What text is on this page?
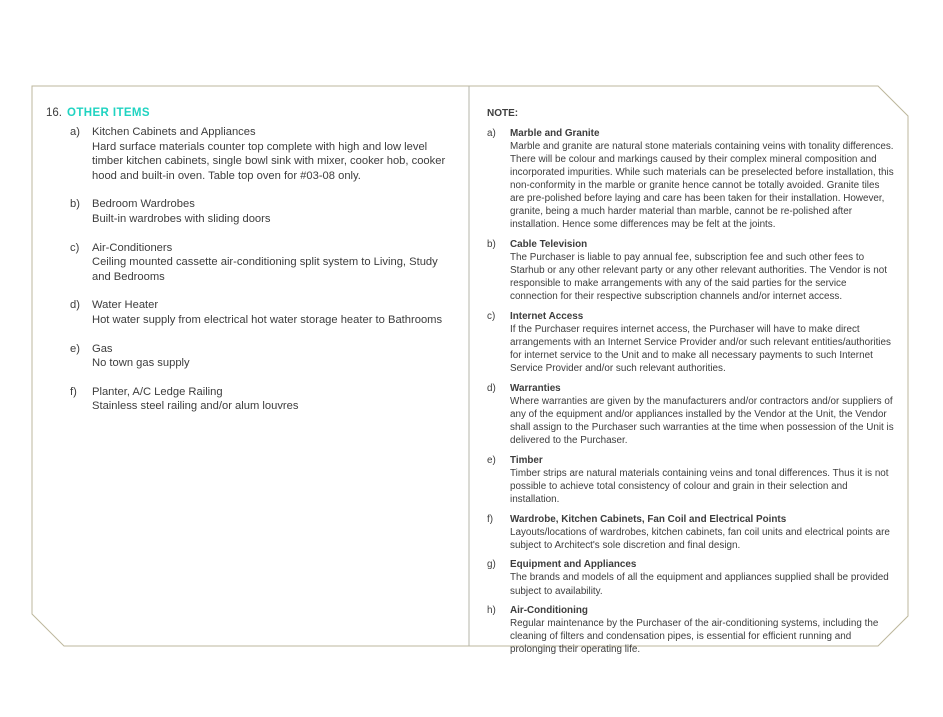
16. OTHER ITEMS
a)	Kitchen Cabinets and Appliances
Hard surface materials counter top complete with high and low level timber kitchen cabinets, single bowl sink with mixer, cooker hob, cooker hood and built-in oven. Table top oven for #03-08 only.
b)	Bedroom Wardrobes
Built-in wardrobes with sliding doors
c)	Air-Conditioners
Ceiling mounted cassette air-conditioning split system to Living, Study and Bedrooms
d)	Water Heater
Hot water supply from electrical hot water storage heater to Bathrooms
e)	Gas
No town gas supply
f)	Planter, A/C Ledge Railing
Stainless steel railing and/or alum louvres
NOTE:
a)	Marble and Granite
Marble and granite are natural stone materials containing veins with tonality differences. There will be colour and markings caused by their complex mineral composition and incorporated impurities. While such materials can be preselected before installation, this non-conformity in the marble or granite hence cannot be totally avoided. Granite tiles are pre-polished before laying and care has been taken for their installation. However, granite, being a much harder material than marble, cannot be re-polished after installation. Hence some differences may be felt at the joints.
b)	Cable Television
The Purchaser is liable to pay annual fee, subscription fee and such other fees to Starhub or any other relevant party or any other relevant authorities. The Vendor is not responsible to make arrangements with any of the said parties for the service connection for their respective subscription channels and/or internet access.
c)	Internet Access
If the Purchaser requires internet access, the Purchaser will have to make direct arrangements with an Internet Service Provider and/or such relevant entities/authorities for internet service to the Unit and to make all necessary payments to such Internet Service Provider and/or such relevant authorities.
d)	Warranties
Where warranties are given by the manufacturers and/or contractors and/or suppliers of any of the equipment and/or appliances installed by the Vendor at the Unit, the Vendor shall assign to the Purchaser such warranties at the time when possession of the Unit is delivered to the Purchaser.
e)	Timber
Timber strips are natural materials containing veins and tonal differences. Thus it is not possible to achieve total consistency of colour and grain in their selection and installation.
f)	Wardrobe, Kitchen Cabinets, Fan Coil and Electrical Points
Layouts/locations of wardrobes, kitchen cabinets, fan coil units and electrical points are subject to Architect's sole discretion and final design.
g)	Equipment and Appliances
The brands and models of all the equipment and appliances supplied shall be provided subject to availability.
h)	Air-Conditioning
Regular maintenance by the Purchaser of the air-conditioning systems, including the cleaning of filters and condensation pipes, is essential for efficient running and prolonging their operating life.
